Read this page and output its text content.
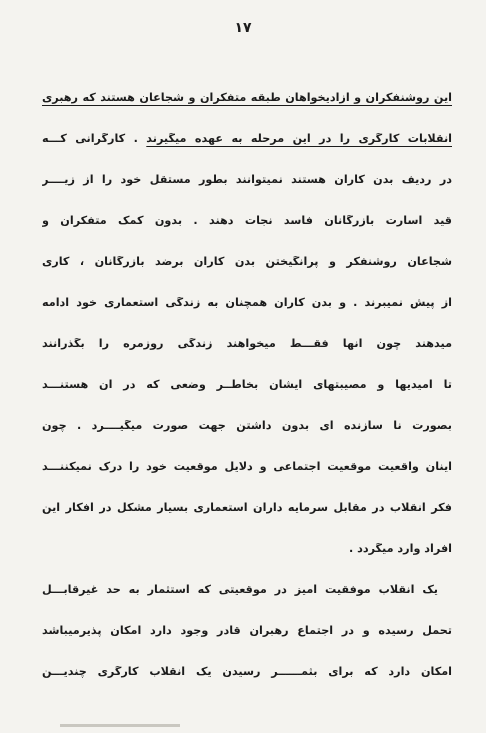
۱۷
این روشنفکران و آزادیخواهان طبقه متفکران و شجاعان هستند که رهبری
انقلابات کارگری را در این مرحله به عهده میگیرند . کارگرانی کـــه
در ردیف بدن کاران هستند نمیتوانند بطور مستقل خود را از زیــــر
قید اسارت بازرگانان فاسد نجات دهند . بدون کمک متفکران و
شجاعان روشنفکر و پرانگیختن بدن کاران برضد بازرگانان ، کاری
از پیش نمیبرند . و بدن کاران همچنان به زندگی استعماری خود ادامه
میدهند چون آنها فقـــط میخواهند زندگی روزمره را بگذرانند
تا امیدیها و مصیبتهای ایشان بخاطــر وضعی که در آن هستنـــد
بصورت نا سازنده ای بدون داشتن جهت صورت میگیــــرد . چون
اینان واقعیت موقعیت اجتماعی و دلایل موقعیت خود را درک نمیکننـــد
فکر انقلاب در مقابل سرمایه داران استعماری بسیار مشکل در افکار این
افراد وارد میگردد .
یک انقلاب موفقیت آمیز در موقعیتی که استثمار به حد غیرقابـــل
تحمل رسیده و در اجتماع رهبران قادر وجود دارد امکان پذیرمیباشد
امکان دارد که برای بثمــــــر رسیدن یک انقلاب کارگری چندیـــن
